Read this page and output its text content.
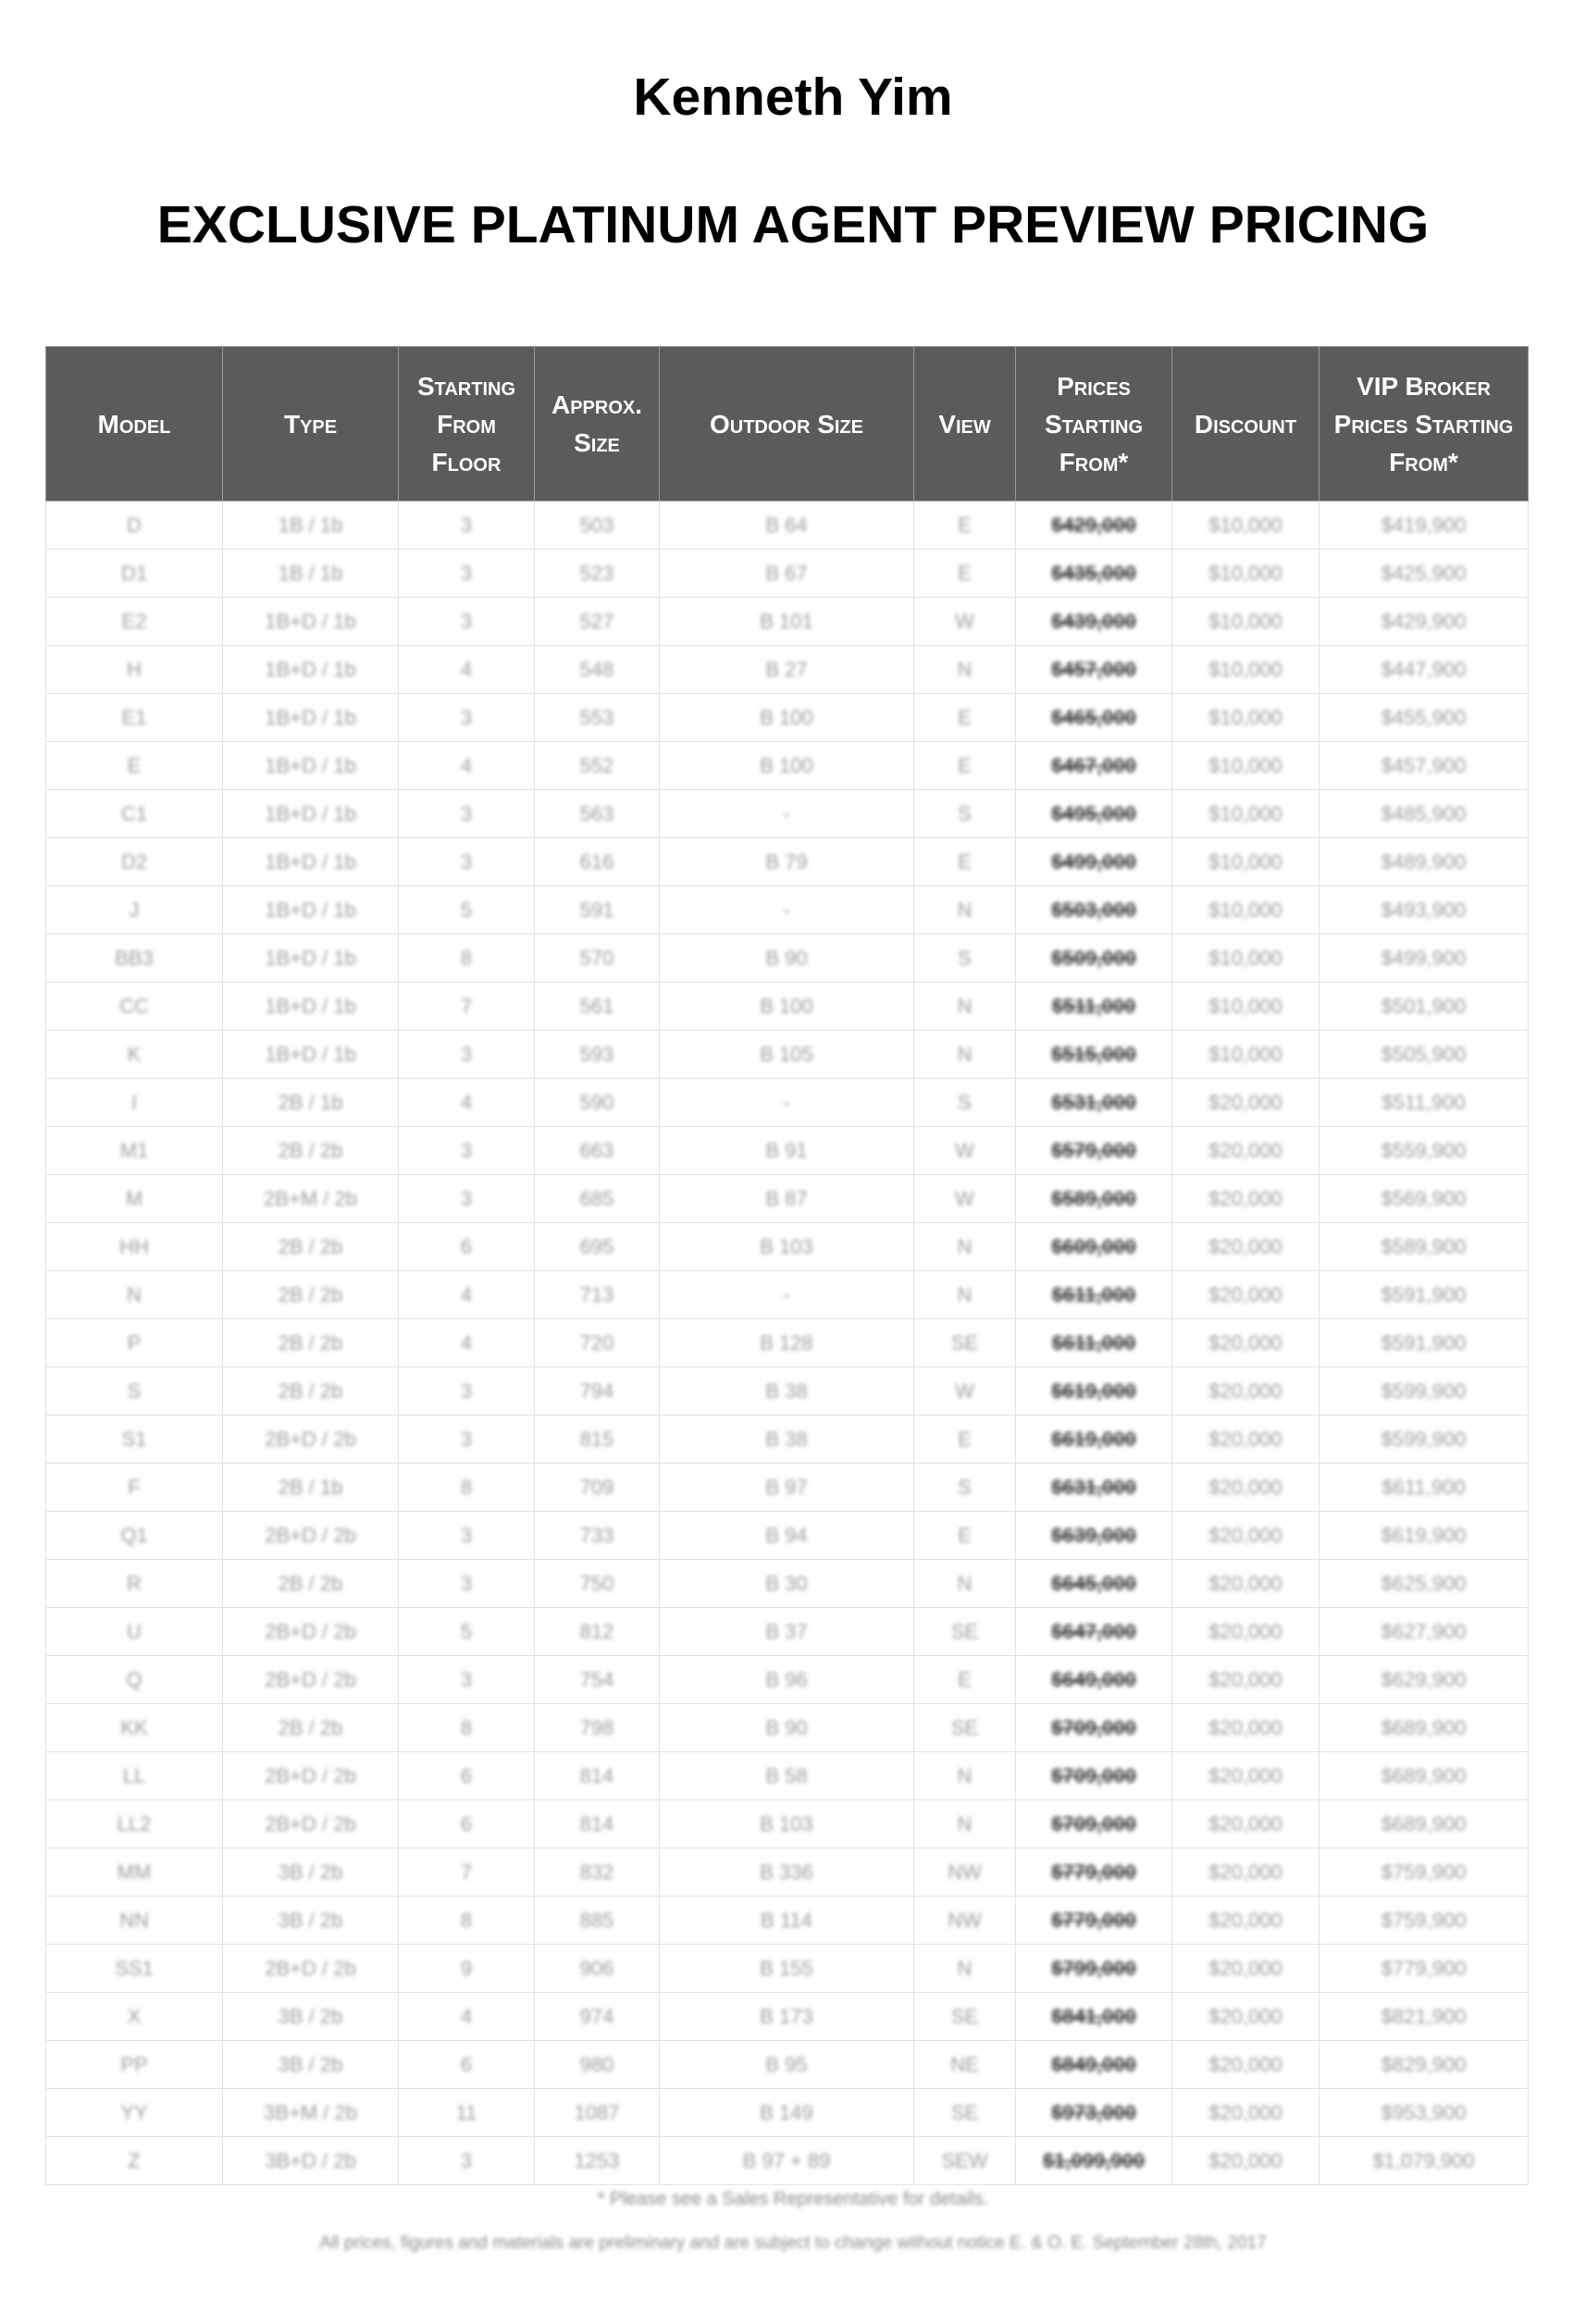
Kenneth Yim
EXCLUSIVE PLATINUM AGENT PREVIEW PRICING
Model	Type	Starting From Floor	Approx. Size	Outdoor Size	View	Prices Starting From*	Discount	VIP Broker Prices Starting From*
D	1B / 1b	3	503	B 64	E	$429,000	$10,000	$419,900
D1	1B / 1b	3	523	B 67	E	$435,000	$10,000	$425,900
E2	1B+D / 1b	3	527	B 101	W	$439,000	$10,000	$429,900
H	1B+D / 1b	4	548	B 27	N	$457,000	$10,000	$447,900
E1	1B+D / 1b	3	553	B 100	E	$465,000	$10,000	$455,900
E	1B+D / 1b	4	552	B 100	E	$467,000	$10,000	$457,900
C1	1B+D / 1b	3	563	-	S	$495,000	$10,000	$485,900
D2	1B+D / 1b	3	616	B 79	E	$499,000	$10,000	$489,900
J	1B+D / 1b	5	591	-	N	$503,000	$10,000	$493,900
BB3	1B+D / 1b	8	570	B 90	S	$509,000	$10,000	$499,900
CC	1B+D / 1b	7	561	B 100	N	$511,000	$10,000	$501,900
K	1B+D / 1b	3	593	B 105	N	$515,000	$10,000	$505,900
I	2B / 1b	4	590	-	S	$531,000	$20,000	$511,900
M1	2B / 2b	3	663	B 91	W	$579,000	$20,000	$559,900
M	2B+M / 2b	3	685	B 87	W	$589,000	$20,000	$569,900
HH	2B / 2b	6	695	B 103	N	$609,000	$20,000	$589,900
N	2B / 2b	4	713	-	N	$611,000	$20,000	$591,900
P	2B / 2b	4	720	B 128	SE	$611,000	$20,000	$591,900
S	2B / 2b	3	794	B 38	W	$619,000	$20,000	$599,900
S1	2B+D / 2b	3	815	B 38	E	$619,000	$20,000	$599,900
F	2B / 1b	8	709	B 97	S	$631,000	$20,000	$611,900
Q1	2B+D / 2b	3	733	B 94	E	$639,000	$20,000	$619,900
R	2B / 2b	3	750	B 30	N	$645,000	$20,000	$625,900
U	2B+D / 2b	5	812	B 37	SE	$647,000	$20,000	$627,900
Q	2B+D / 2b	3	754	B 96	E	$649,000	$20,000	$629,900
KK	2B / 2b	8	798	B 90	SE	$709,000	$20,000	$689,900
LL	2B+D / 2b	6	814	B 58	N	$709,000	$20,000	$689,900
LL2	2B+D / 2b	6	814	B 103	N	$709,000	$20,000	$689,900
MM	3B / 2b	7	832	B 336	NW	$779,000	$20,000	$759,900
NN	3B / 2b	8	885	B 114	NW	$779,000	$20,000	$759,900
SS1	2B+D / 2b	9	906	B 155	N	$799,000	$20,000	$779,900
X	3B / 2b	4	974	B 173	SE	$841,000	$20,000	$821,900
PP	3B / 2b	6	980	B 95	NE	$849,000	$20,000	$829,900
YY	3B+M / 2b	11	1087	B 149	SE	$973,000	$20,000	$953,900
Z	3B+D / 2b	3	1253	B 97 + 89	SEW	$1,099,900	$20,000	$1,079,900
* Please see a Sales Representative for details.
All prices, figures and materials are preliminary and are subject to change without notice E. & O. E. September 28th, 2017
